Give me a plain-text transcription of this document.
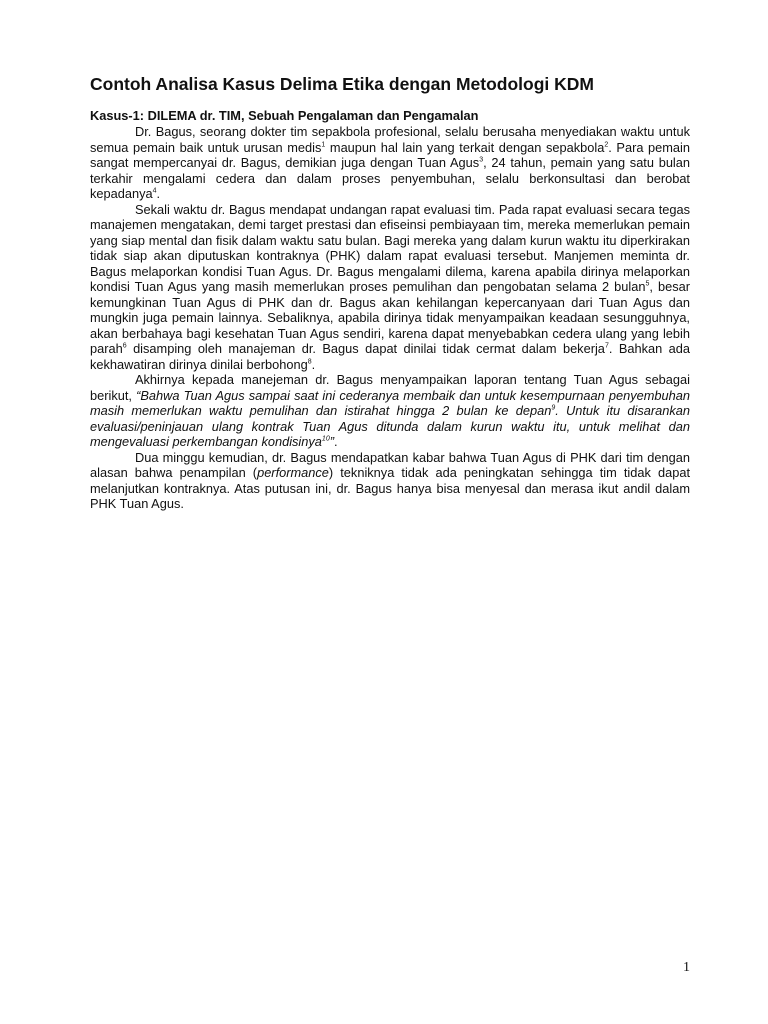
Contoh Analisa Kasus Delima Etika dengan Metodologi KDM
Kasus-1: DILEMA dr. TIM, Sebuah Pengalaman dan Pengamalan

Dr. Bagus, seorang dokter tim sepakbola profesional, selalu berusaha menyediakan waktu untuk semua pemain baik untuk urusan medis$^1$ maupun hal lain yang terkait dengan sepakbola$^2$. Para pemain sangat mempercanyai dr. Bagus, demikian juga dengan Tuan Agus$^3$, 24 tahun, pemain yang satu bulan terkahir mengalami cedera dan dalam proses penyembuhan, selalu berkonsultasi dan berobat kepadanya$^4$.

Sekali waktu dr. Bagus mendapat undangan rapat evaluasi tim. Pada rapat evaluasi secara tegas manajemen mengatakan, demi target prestasi dan efiseinsi pembiayaan tim, mereka memerlukan pemain yang siap mental dan fisik dalam waktu satu bulan. Bagi mereka yang dalam kurun waktu itu diperkirakan tidak siap akan diputuskan kontraknya (PHK) dalam rapat evaluasi tersebut. Manjemen meminta dr. Bagus melaporkan kondisi Tuan Agus. Dr. Bagus mengalami dilema, karena apabila dirinya melaporkan kondisi Tuan Agus yang masih memerlukan proses pemulihan dan pengobatan selama 2 bulan$^5$, besar kemungkinan Tuan Agus di PHK dan dr. Bagus akan kehilangan kepercanyaan dari Tuan Agus dan mungkin juga pemain lainnya. Sebaliknya, apabila dirinya tidak menyampaikan keadaan sesungguhnya, akan berbahaya bagi kesehatan Tuan Agus sendiri, karena dapat menyebabkan cedera ulang yang lebih parah$^6$ disamping oleh manajeman dr. Bagus dapat dinilai tidak cermat dalam bekerja$^7$. Bahkan ada kekhawatiran dirinya dinilai berbohong$^8$.

Akhirnya kepada manejeman dr. Bagus menyampaikan laporan tentang Tuan Agus sebagai berikut, “Bahwa Tuan Agus sampai saat ini cederanya membaik dan untuk kesempurnaan penyembuhan masih memerlukan waktu pemulihan dan istirahat hingga 2 bulan ke depan$^9$. Untuk itu disarankan evaluasi/peninjauan ulang kontrak Tuan Agus ditunda dalam kurun waktu itu, untuk melihat dan mengevaluasi perkembangan kondisinya$^{10}$”.

Dua minggu kemudian, dr. Bagus mendapatkan kabar bahwa Tuan Agus di PHK dari tim dengan alasan bahwa penampilan (performance) tekniknya tidak ada peningkatan sehingga tim tidak dapat melanjutkan kontraknya. Atas putusan ini, dr. Bagus hanya bisa menyesal dan merasa ikut andil dalam PHK Tuan Agus.

1
